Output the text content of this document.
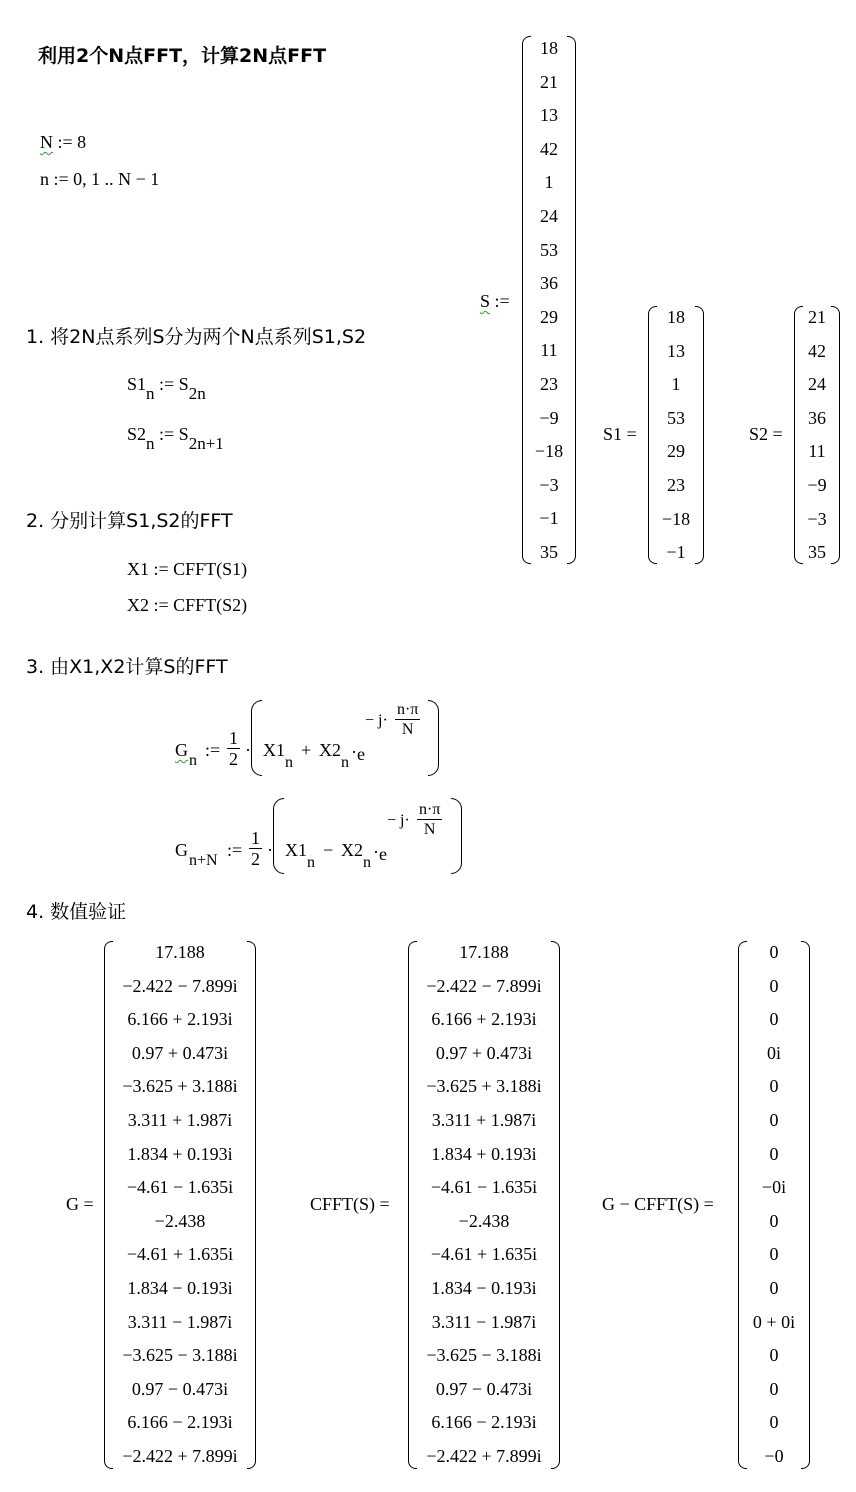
利用2个N点FFT，计算2N点FFT
N := 8
n := 0, 1 .. N − 1
1. 将2N点系列S分为两个N点系列S1,S2
S1n := S2n
S2n := S2n+1
2. 分别计算S1,S2的FFT
X1 := CFFT(S1)
X2 := CFFT(S2)
3. 由X1,X2计算S的FFT
G
n
:= $\frac{1}{2} \cdot X1$
n
+ X2
n
· e
− $j\cdot \frac{n\cdot\pi}{N}$
G
n+N
:= $\frac{1}{2} \cdot X1$
n
− X2
n
· e
− $j\cdot \frac{n\cdot\pi}{N}$
4. 数值验证
S :=
18
21
13
42
1
24
53
36
29
11
23
−9
−18
−3
−1
35
S1 =
18
13
1
53
29
23
−18
−1
S2 =
21
42
24
36
11
−9
−3
35
G =
17.188
−2.422 − 7.899i
6.166 + 2.193i
0.97 + 0.473i
−3.625 + 3.188i
3.311 + 1.987i
1.834 + 0.193i
−4.61 − 1.635i
−2.438
−4.61 + 1.635i
1.834 − 0.193i
3.311 − 1.987i
−3.625 − 3.188i
0.97 − 0.473i
6.166 − 2.193i
−2.422 + 7.899i
CFFT(S) =
17.188
−2.422 − 7.899i
6.166 + 2.193i
0.97 + 0.473i
−3.625 + 3.188i
3.311 + 1.987i
1.834 + 0.193i
−4.61 − 1.635i
−2.438
−4.61 + 1.635i
1.834 − 0.193i
3.311 − 1.987i
−3.625 − 3.188i
0.97 − 0.473i
6.166 − 2.193i
−2.422 + 7.899i
G − CFFT(S) =
0
0
0
0i
0
0
0
−0i
0
0
0
0 + 0i
0
0
0
−0
